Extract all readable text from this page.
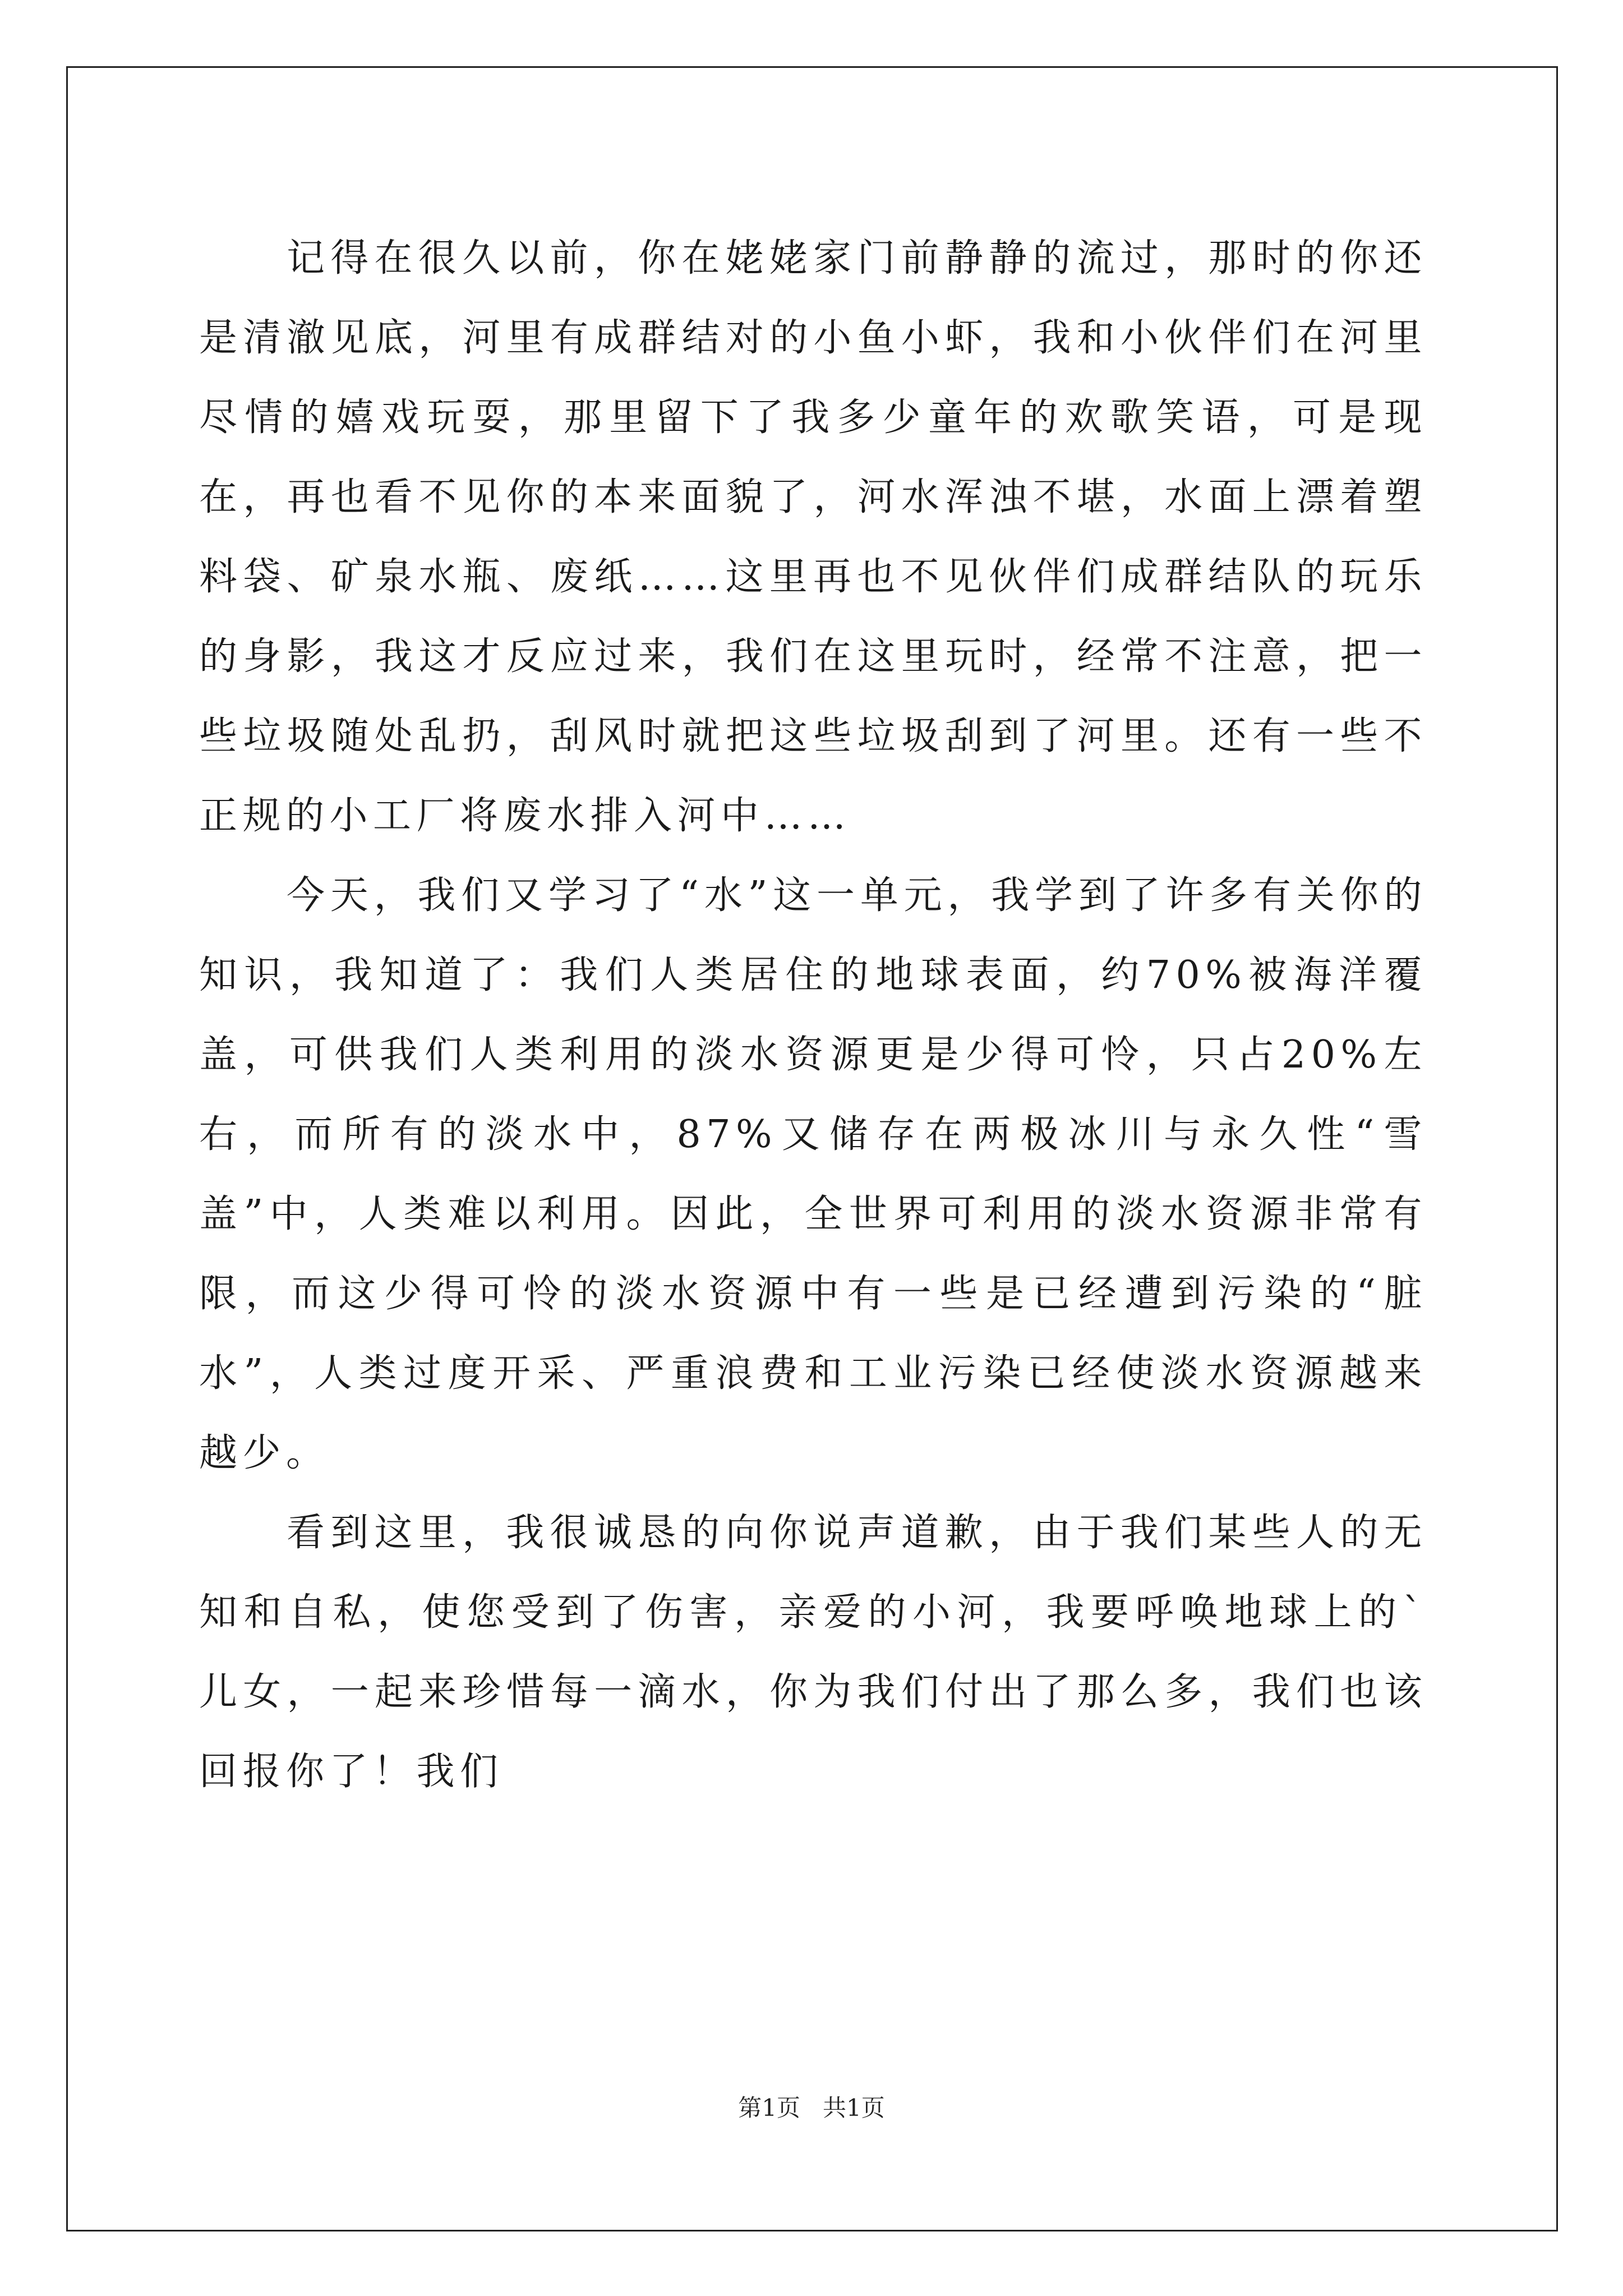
记得在很久以前，你在姥姥家门前静静的流过，那时的你还是清澈见底，河里有成群结对的小鱼小虾，我和小伙伴们在河里尽情的嬉戏玩耍，那里留下了我多少童年的欢歌笑语，可是现在，再也看不见你的本来面貌了，河水浑浊不堪，水面上漂着塑料袋、矿泉水瓶、废纸……这里再也不见伙伴们成群结队的玩乐的身影，我这才反应过来，我们在这里玩时，经常不注意，把一些垃圾随处乱扔，刮风时就把这些垃圾刮到了河里。还有一些不正规的小工厂将废水排入河中……

今天，我们又学习了“水”这一单元，我学到了许多有关你的知识，我知道了：我们人类居住的地球表面，约70%被海洋覆盖，可供我们人类利用的淡水资源更是少得可怜，只占20%左右，而所有的淡水中，87%又储存在两极冰川与永久性“雪盖”中，人类难以利用。因此，全世界可利用的淡水资源非常有限，而这少得可怜的淡水资源中有一些是已经遭到污染的“脏水”，人类过度开采、严重浪费和工业污染已经使淡水资源越来越少。

看到这里，我很诚恳的向你说声道歉，由于我们某些人的无知和自私，使您受到了伤害，亲爱的小河，我要呼唤地球上的`儿女，一起来珍惜每一滴水，你为我们付出了那么多，我们也该回报你了！我们

第1页 共1页
